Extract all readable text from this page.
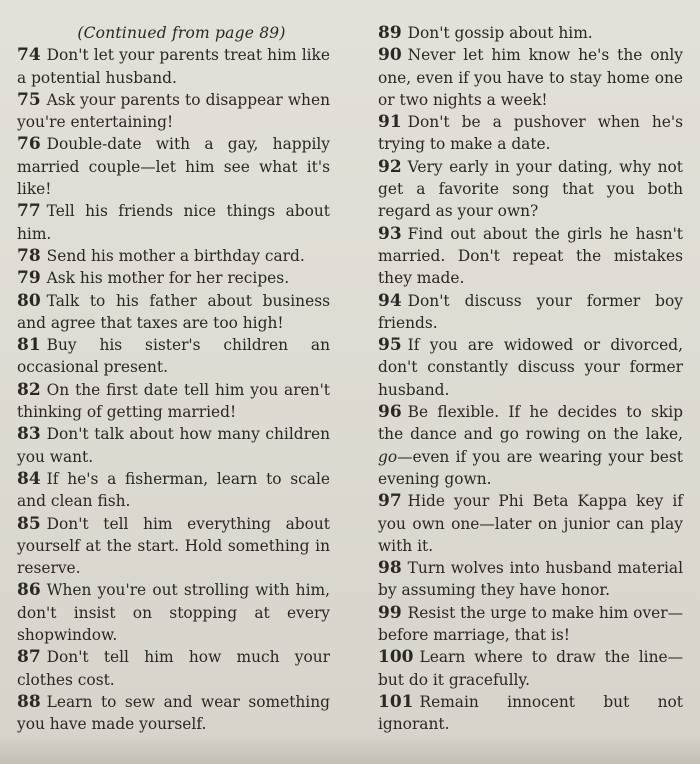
(Continued from page 89)

74 Don't let your parents treat him like a potential husband.

75 Ask your parents to disappear when you're entertaining!

76 Double-date with a gay, happily married couple—let him see what it's like!

77 Tell his friends nice things about him.

78 Send his mother a birthday card.

79 Ask his mother for her recipes.

80 Talk to his father about business and agree that taxes are too high!

81 Buy his sister's children an occasional present.

82 On the first date tell him you aren't thinking of getting married!

83 Don't talk about how many children you want.

84 If he's a fisherman, learn to scale and clean fish.

85 Don't tell him everything about yourself at the start. Hold something in reserve.

86 When you're out strolling with him, don't insist on stopping at every shopwindow.

87 Don't tell him how much your clothes cost.

88 Learn to sew and wear something you have made yourself.

89 Don't gossip about him.

90 Never let him know he's the only one, even if you have to stay home one or two nights a week!

91 Don't be a pushover when he's trying to make a date.

92 Very early in your dating, why not get a favorite song that you both regard as your own?

93 Find out about the girls he hasn't married. Don't repeat the mistakes they made.

94 Don't discuss your former boy friends.

95 If you are widowed or divorced, don't constantly discuss your former husband.

96 Be flexible. If he decides to skip the dance and go rowing on the lake, go—even if you are wearing your best evening gown.

97 Hide your Phi Beta Kappa key if you own one—later on junior can play with it.

98 Turn wolves into husband material by assuming they have honor.

99 Resist the urge to make him over—before marriage, that is!

100 Learn where to draw the line—but do it gracefully.

101 Remain innocent but not ignorant.
